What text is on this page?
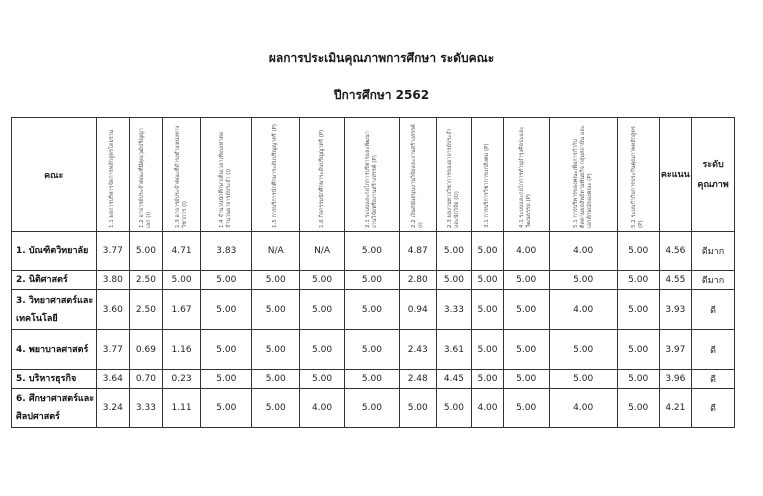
ผลการประเมินคุณภาพการศึกษา ระดับคณะ
ปีการศึกษา 2562
คณะ	1.1 ผลการบริหารจัดการหลักสูตรโดยรวม	1.2 อาจารย์ประจำคณะที่มีคุณวุฒิปริญญาเอก (I)	1.3 อาจารย์ประจำคณะที่ดำรงตำแหน่งทางวิชาการ (I)	1.4 จำนวนนักศึกษาเต็มเวลาเทียบเท่าต่อจำนวนอาจารย์ประจำ (I)	1.5 การบริการนักศึกษาระดับปริญญาตรี (P)	1.6 กิจกรรมนักศึกษาระดับปริญญาตรี (P)	2.1 ระบบและกลไกการบริหารและพัฒนางานวิจัยหรืองานสร้างสรรค์ (P)	2.2 เงินสนับสนุนงานวิจัยและงานสร้างสรรค์ (I)	2.3 ผลงานทางวิชาการของอาจารย์ประจำและนักวิจัย (O)	3.1 การบริการวิชาการแก่สังคม (P)	4.1 ระบบและกลไกการทำนุบำรุงศิลปะและวัฒนธรรม (P)	5.1 การบริหารของคณะเพื่อการกำกับติดตามผลลัพธ์ตามพันธกิจ กลุ่มสถาบัน และเอกลักษณ์ของคณะ (P)	5.2 ระบบกำกับการประกันคุณภาพหลักสูตร (P)	คะแนน	ระดับคุณภาพ
1. บัณฑิตวิทยาลัย	3.77	5.00	4.71	3.83	N/A	N/A	5.00	4.87	5.00	5.00	4.00	4.00	5.00	4.56	ดีมาก
2. นิติศาสตร์	3.80	2.50	5.00	5.00	5.00	5.00	5.00	2.80	5.00	5.00	5.00	5.00	5.00	4.55	ดีมาก
3. วิทยาศาสตร์และเทคโนโลยี	3.60	2.50	1.67	5.00	5.00	5.00	5.00	0.94	3.33	5.00	5.00	4.00	5.00	3.93	ดี
4. พยาบาลศาสตร์	3.77	0.69	1.16	5.00	5.00	5.00	5.00	2.43	3.61	5.00	5.00	5.00	5.00	3.97	ดี
5. บริหารธุรกิจ	3.64	0.70	0.23	5.00	5.00	5.00	5.00	2.48	4.45	5.00	5.00	5.00	5.00	3.96	ดี
6. ศึกษาศาสตร์และศิลปศาสตร์	3.24	3.33	1.11	5.00	5.00	4.00	5.00	5.00	5.00	4.00	5.00	4.00	5.00	4.21	ดี
